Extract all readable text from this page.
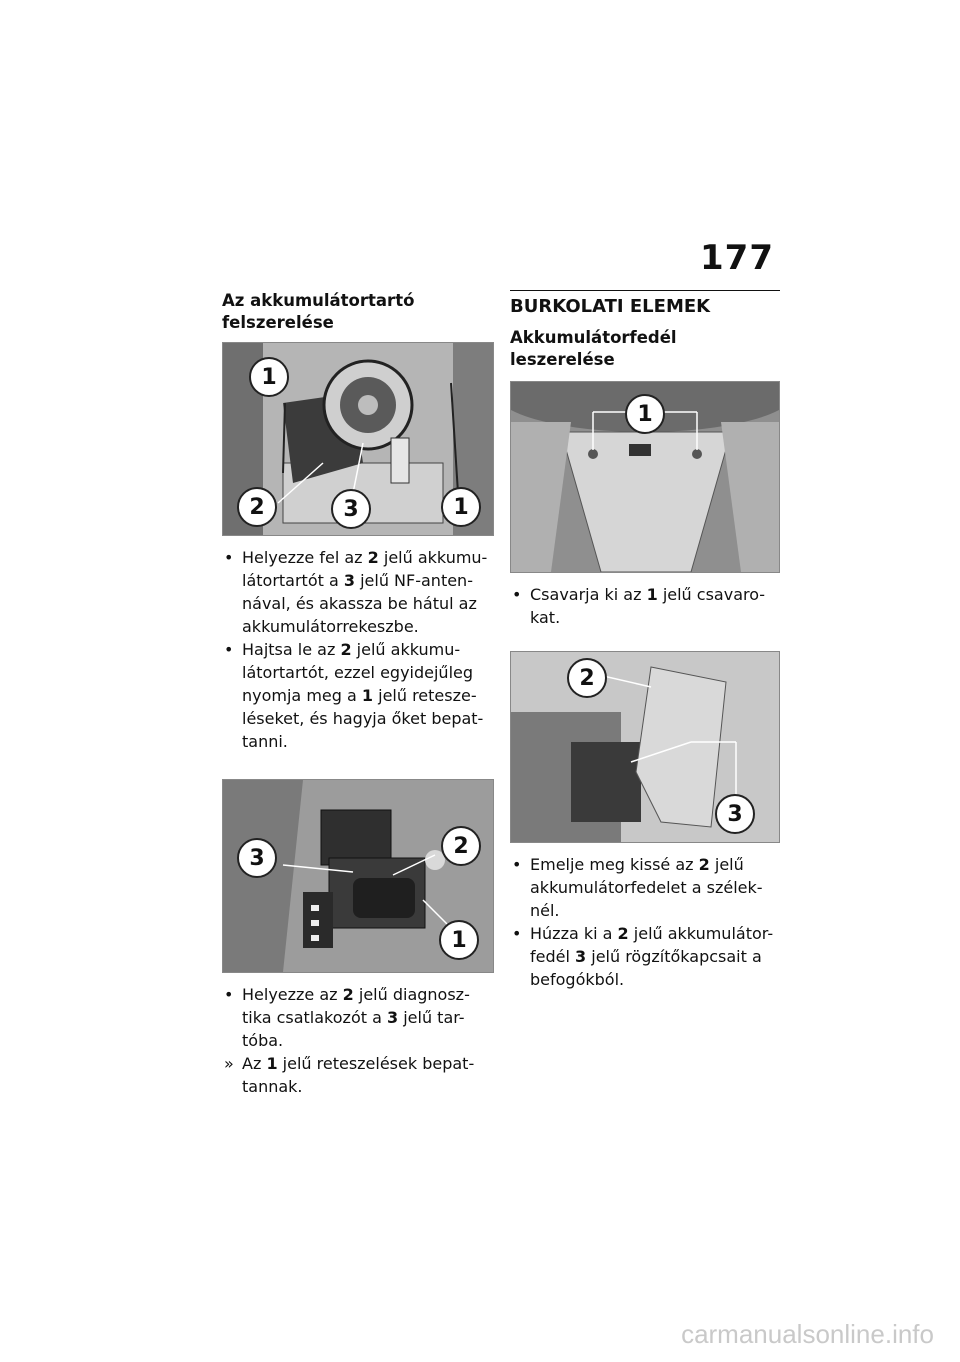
177
Az akkumulátortartó
felszerelése
1
2	3	1
• Helyezze fel az 2 jelű akkumu-látortartót a 3 jelű NF-anten-nával, és akassza be hátul az akkumulátorrekeszbe.
• Hajtsa le az 2 jelű akkumu-látortartót, ezzel egyidejűleg nyomja meg a 1 jelű retesze-léseket, és hagyja őket bepat-tanni.
3	2
1
• Helyezze az 2 jelű diagnosz-tika csatlakozót a 3 jelű tar-tóba.
» Az 1 jelű reteszelések bepat-tannak.
BURKOLATI ELEMEK
Akkumulátorfedél leszerelése
1
• Csavarja ki az 1 jelű csavaro-kat.
2
3
• Emelje meg kissé az 2 jelű akkumulátorfedelet a szélek-nél.
• Húzza ki a 2 jelű akkumulátor-fedél 3 jelű rögzítőkapcsait a befogókból.
carmanualsonline.info
